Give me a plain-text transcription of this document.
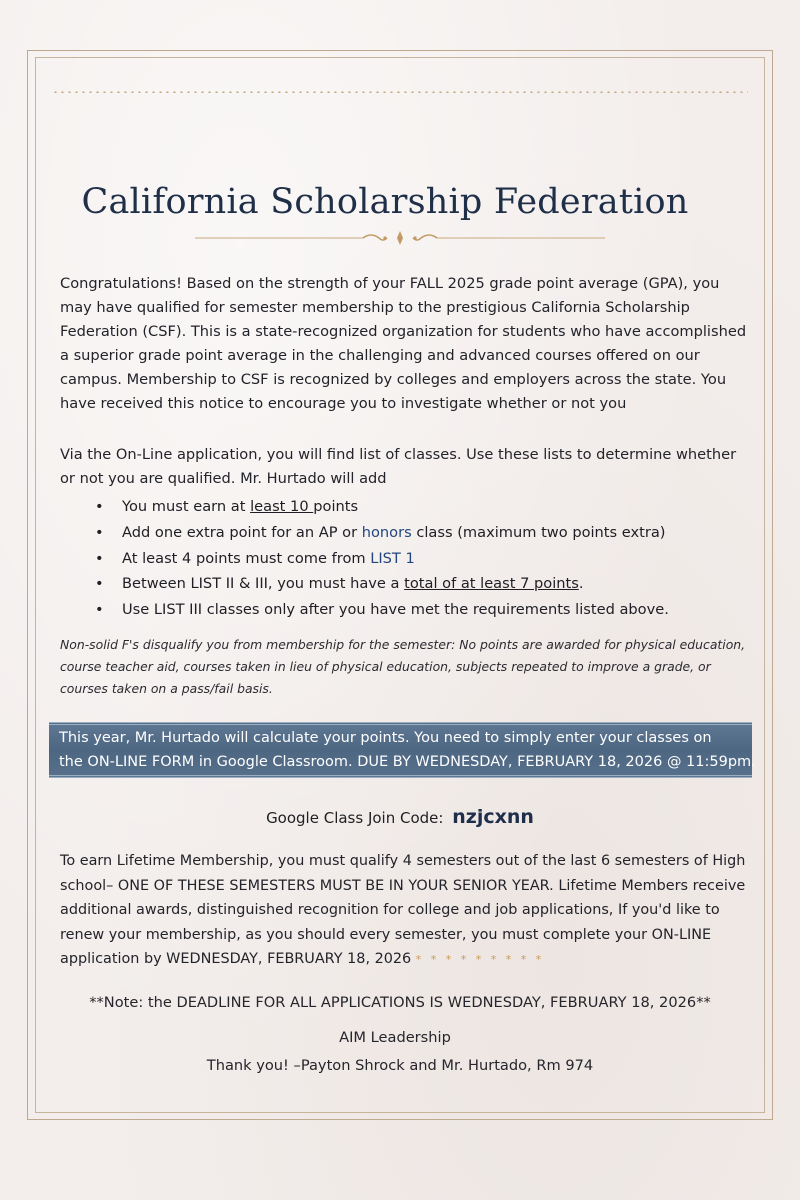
California Scholarship Federation
Congratulations! Based on the strength of your FALL 2025 grade point average (GPA), you may have qualified for semester membership to the prestigious California Scholarship Federation (CSF). This is a state-recognized organization for students who have accomplished a superior grade point average in the challenging and advanced courses offered on our campus. Membership to CSF is recognized by colleges and employers across the state. You have received this notice to encourage you to investigate whether or not you
Via the On-Line application, you will find list of classes. Use these lists to determine whether or not you are qualified. Mr. Hurtado will add
• You must earn at least 10 points
• Add one extra point for an AP or honors class (maximum two points extra)
• At least 4 points must come from LIST 1
• Between LIST II & III, you must have a total of at least 7 points.
• Use LIST III classes only after you have met the requirements listed above.
Non-solid F's disqualify you from membership for the semester: No points are awarded for physical education, course teacher aid, courses taken in lieu of physical education, subjects repeated to improve a grade, or courses taken on a pass/fail basis.
This year, Mr. Hurtado will calculate your points. You need to simply enter your classes on
the ON-LINE FORM in Google Classroom. DUE BY WEDNESDAY, FEBRUARY 18, 2026 @ 11:59pm.
Google Class Join Code: nzjcxnn
To earn Lifetime Membership, you must qualify 4 semesters out of the last 6 semesters of High school– ONE OF THESE SEMESTERS MUST BE IN YOUR SENIOR YEAR. Lifetime Members receive additional awards, distinguished recognition for college and job applications, If you'd like to renew your membership, as you should every semester, you must complete your ON-LINE application by WEDNESDAY, FEBRUARY 18, 2026 * * * * * * * * *
**Note: the DEADLINE FOR ALL APPLICATIONS IS WEDNESDAY, FEBRUARY 18, 2026**
AIM Leadership
Thank you! –Payton Shrock and Mr. Hurtado, Rm 974
